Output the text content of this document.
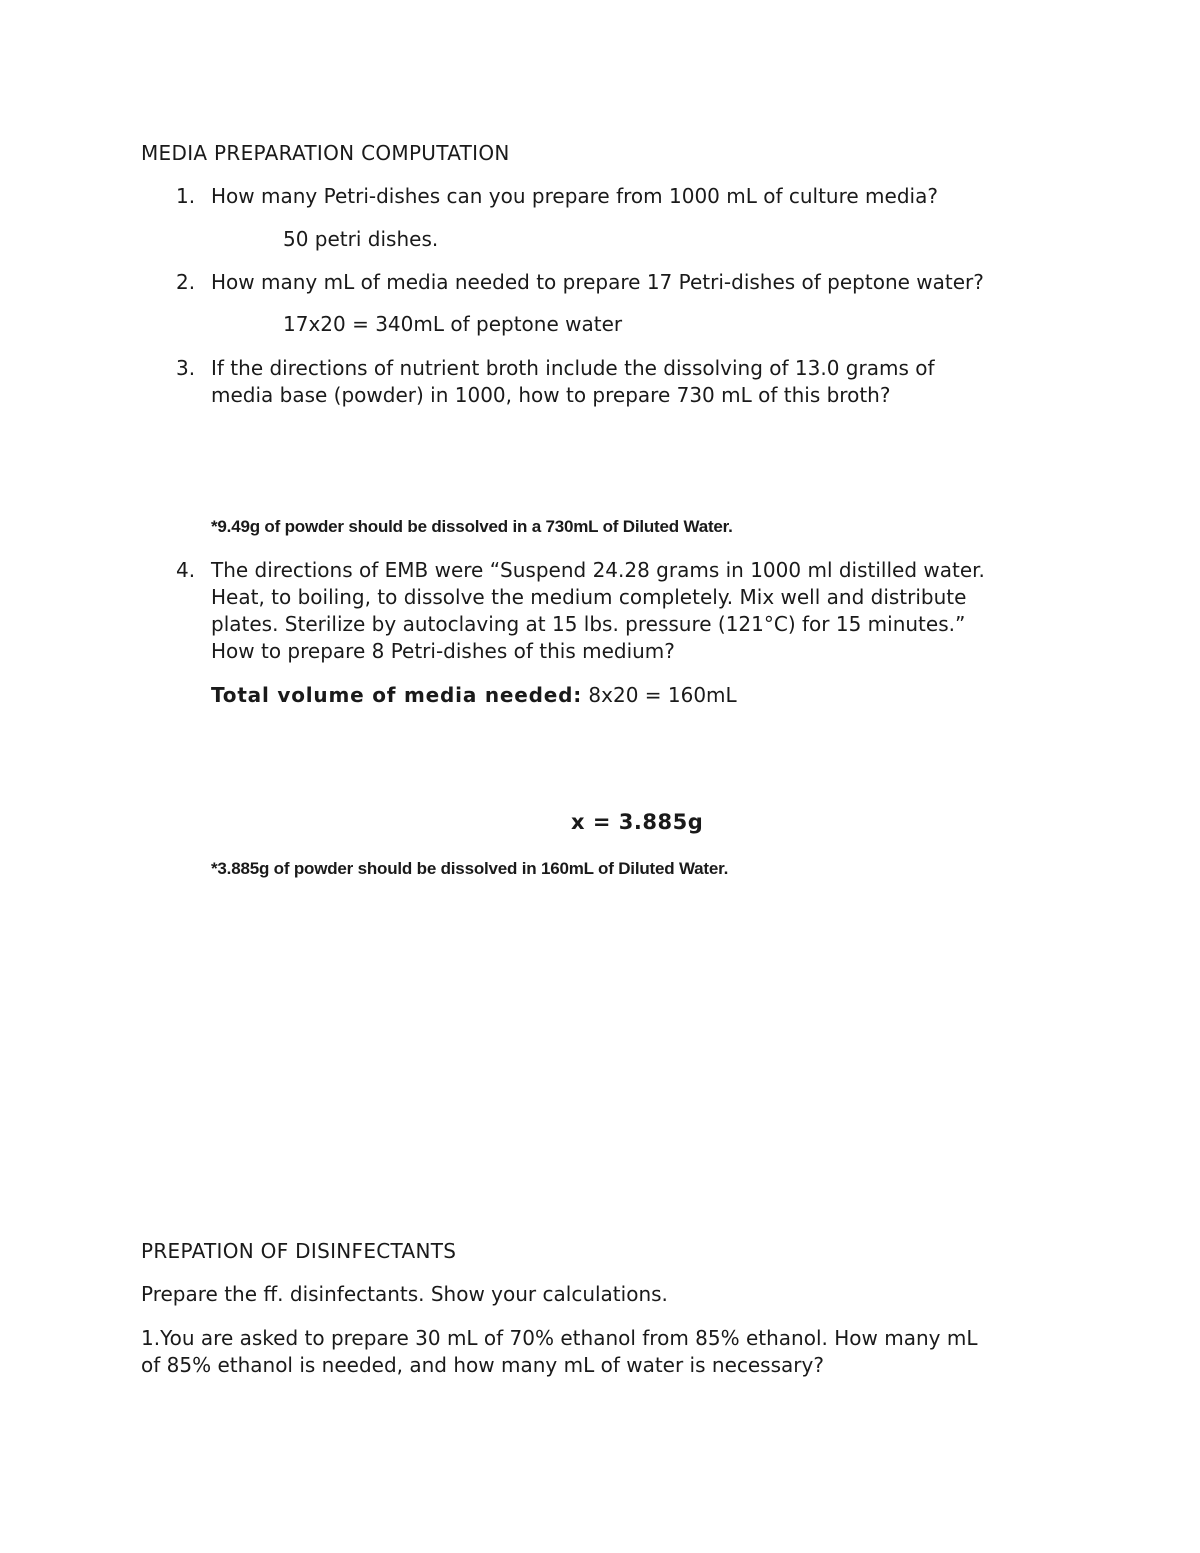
MEDIA PREPARATION COMPUTATION
1. How many Petri-dishes can you prepare from 1000 mL of culture media?
50 petri dishes.
2. How many mL of media needed to prepare 17 Petri-dishes of peptone water?
17x20 = 340mL of peptone water
3. If the directions of nutrient broth include the dissolving of 13.0 grams of
media base (powder) in 1000, how to prepare 730 mL of this broth?
*9.49g of powder should be dissolved in a 730mL of Diluted Water.
4. The directions of EMB were “Suspend 24.28 grams in 1000 ml distilled water.
Heat, to boiling, to dissolve the medium completely. Mix well and distribute
plates. Sterilize by autoclaving at 15 lbs. pressure (121°C) for 15 minutes.”
How to prepare 8 Petri-dishes of this medium?
Total volume of media needed: 8x20 = 160mL
x = 3.885g
*3.885g of powder should be dissolved in 160mL of Diluted Water.
PREPATION OF DISINFECTANTS
Prepare the ff. disinfectants. Show your calculations.
1.You are asked to prepare 30 mL of 70% ethanol from 85% ethanol. How many mL
of 85% ethanol is needed, and how many mL of water is necessary?
